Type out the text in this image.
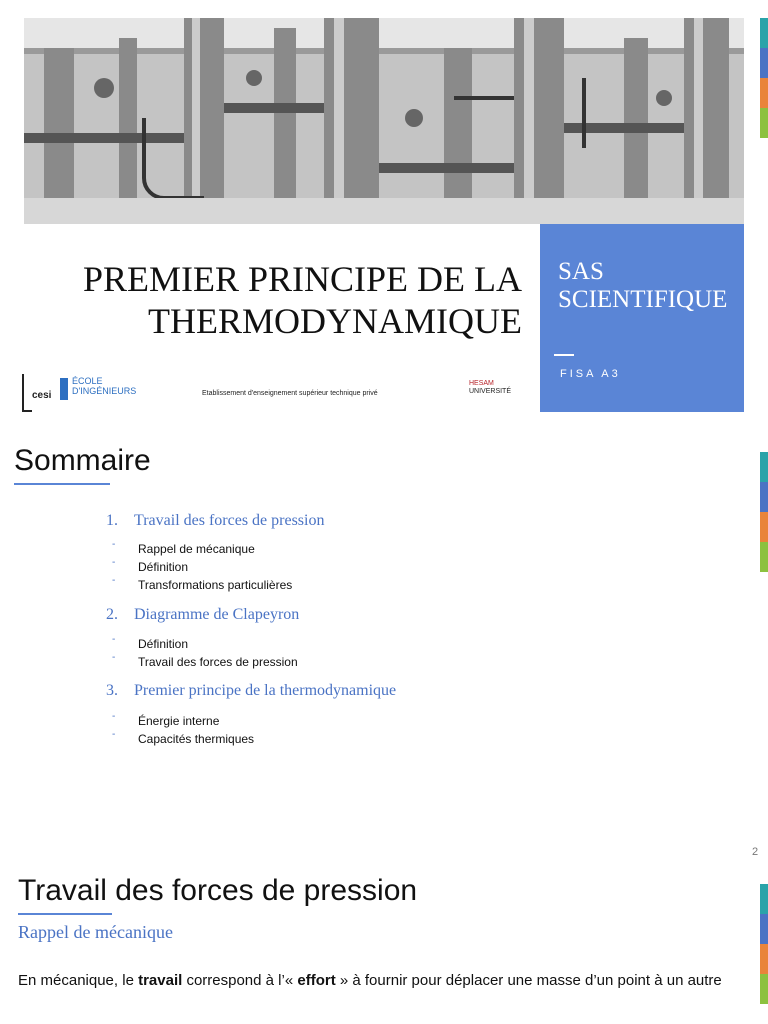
PREMIER PRINCIPE DE LA
THERMODYNAMIQUE
SAS SCIENTIFIQUE
FISA A3
cesi
ÉCOLE
D'INGÉNIEURS	Etablissement d'enseignement supérieur technique privé
HESAM
UNIVERSITÉ
Sommaire
1. Travail des forces de pression
- Rappel de mécanique
- Définition
- Transformations particulières
2. Diagramme de Clapeyron
- Définition
- Travail des forces de pression
3. Premier principe de la thermodynamique
- Énergie interne
- Capacités thermiques
2
Travail des forces de pression
Rappel de mécanique
En mécanique, le travail correspond à l’« effort » à fournir pour déplacer une masse d’un point à un autre
